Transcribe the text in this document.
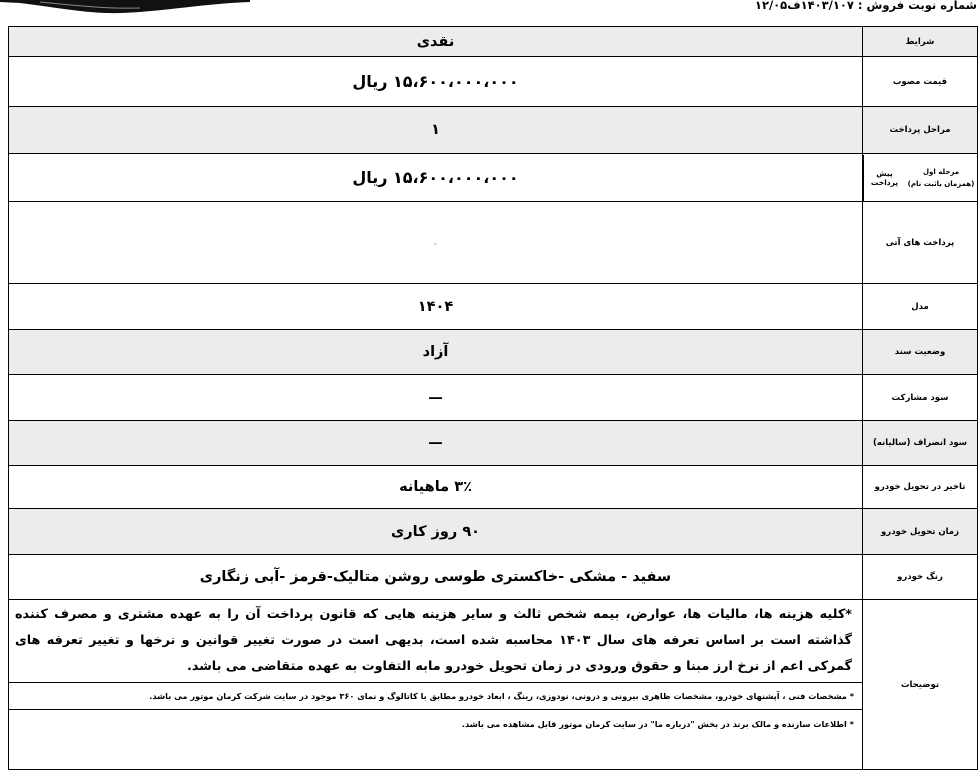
شماره نوبت فروش : ۱۴۰۳/۱۰۷ف۱۲/۰۵
شرایط	نقدی
قیمت مصوب	۱۵،۶۰۰،۰۰۰،۰۰۰ ریال
مراحل پرداخت	۱

مرحله اول
(همزمان باثبت نام)
پیش پرداخت	۱۵،۶۰۰،۰۰۰،۰۰۰ ریال
پرداخت های آتی	-
مدل	۱۴۰۴
وضعیت سند	آزاد
سود مشارکت	—
سود انصراف (سالیانه)	—
تاخیر در تحویل خودرو	۳٪ ماهیانه
زمان تحویل خودرو	۹۰ روز کاری
رنگ خودرو	سفید - مشکی -خاکستری طوسی روشن متالیک-قرمز -آبی زنگاری
توضیحات	*کلیه هزینه ها، مالیات ها، عوارض، بیمه شخص ثالث و سایر هزینه هایی که قانون پرداخت آن را به عهده مشتری و مصرف کننده گذاشته است بر اساس تعرفه های سال ۱۴۰۳ محاسبه شده است، بدیهی است در صورت تغییر قوانین و نرخها و تغییر تعرفه های گمرکی اعم از نرخ ارز مبنا و حقوق ورودی در زمان تحویل خودرو مابه التفاوت به عهده متقاضی می باشد.
* مشخصات فنی ، آپشنهای خودرو، مشخصات ظاهری بیرونی و درونی، نودوزی، رینگ ، ابعاد خودرو مطابق با کاتالوگ و نمای ۳۶۰ موجود در سایت شرکت کرمان موتور می باشد.
* اطلاعات سازنده و مالک برند در بخش "درباره ما" در سایت کرمان موتور قابل مشاهده می باشد.
